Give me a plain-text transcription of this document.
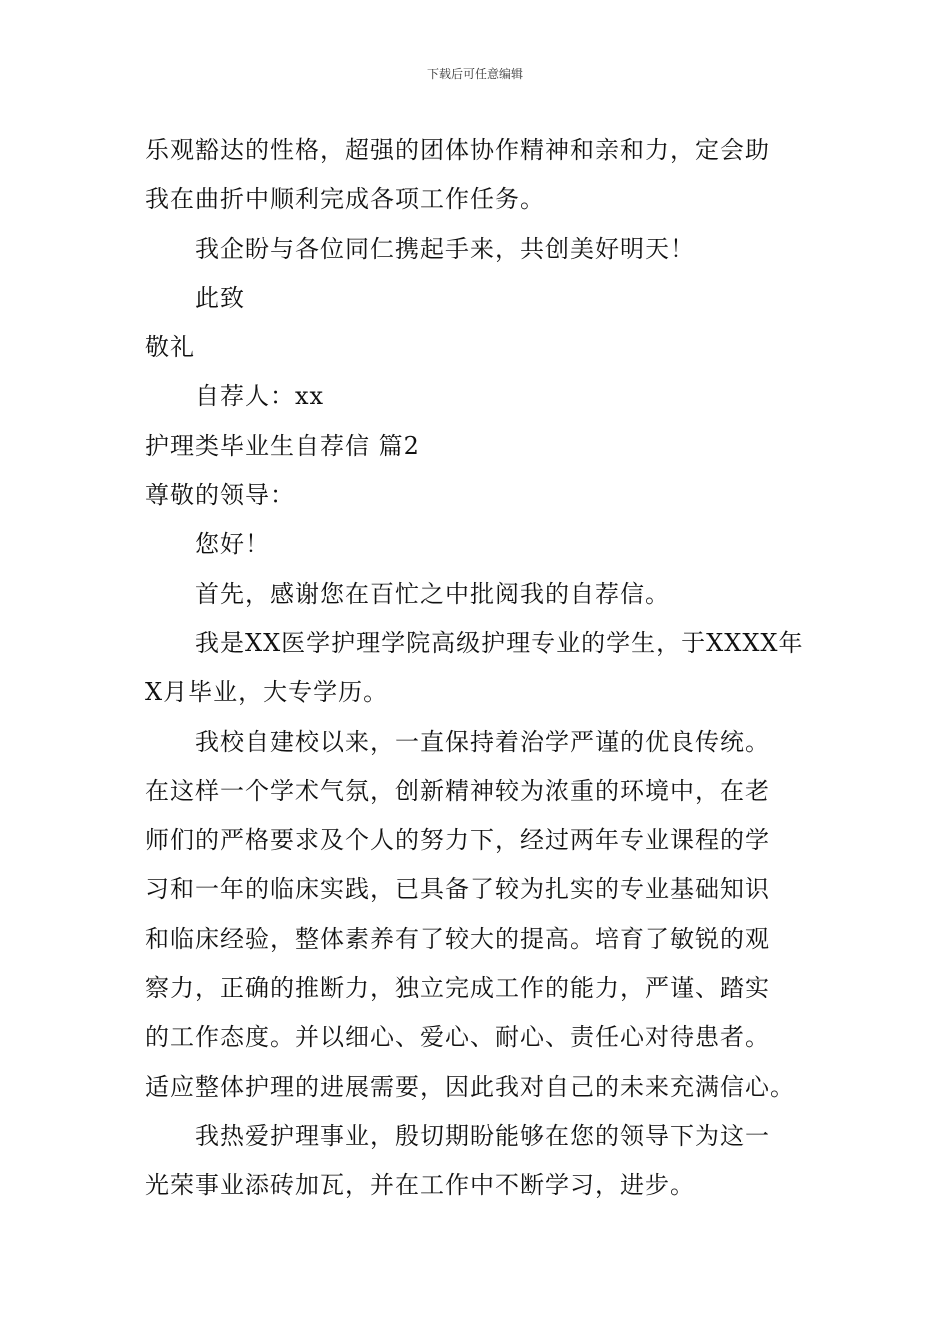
下载后可任意编辑
乐观豁达的性格，超强的团体协作精神和亲和力，定会助
我在曲折中顺利完成各项工作任务。
我企盼与各位同仁携起手来，共创美好明天！
此致
敬礼
自荐人：xx
护理类毕业生自荐信 篇2
尊敬的领导：
您好！
首先，感谢您在百忙之中批阅我的自荐信。
我是XX医学护理学院高级护理专业的学生，于XXXX年
X月毕业，大专学历。
我校自建校以来，一直保持着治学严谨的优良传统。
在这样一个学术气氛，创新精神较为浓重的环境中，在老
师们的严格要求及个人的努力下，经过两年专业课程的学
习和一年的临床实践，已具备了较为扎实的专业基础知识
和临床经验，整体素养有了较大的提高。培育了敏锐的观
察力，正确的推断力，独立完成工作的能力，严谨、踏实
的工作态度。并以细心、爱心、耐心、责任心对待患者。
适应整体护理的进展需要，因此我对自己的未来充满信心。
我热爱护理事业，殷切期盼能够在您的领导下为这一
光荣事业添砖加瓦，并在工作中不断学习，进步。
